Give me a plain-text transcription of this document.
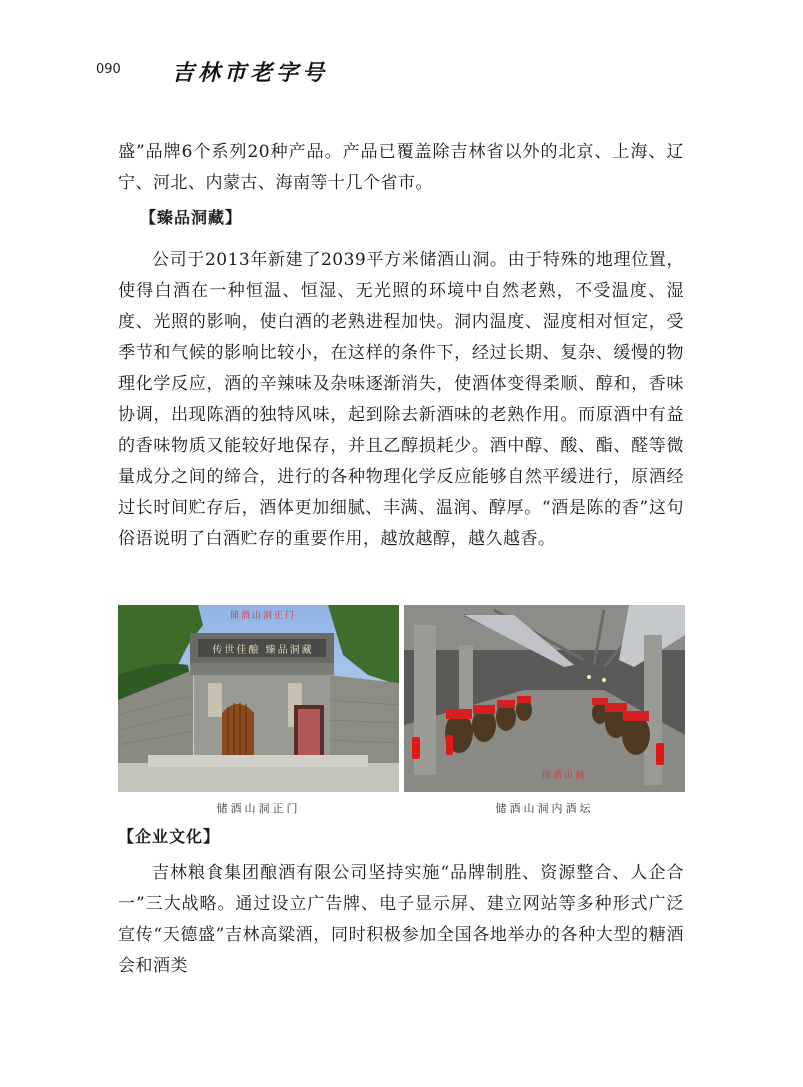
090 吉林市老字号
盛”品牌6个系列20种产品。产品已覆盖除吉林省以外的北京、上海、辽宁、河北、内蒙古、海南等十几个省市。
【臻品洞藏】
公司于2013年新建了2039平方米储酒山洞。由于特殊的地理位置，使得白酒在一种恒温、恒湿、无光照的环境中自然老熟，不受温度、湿度、光照的影响，使白酒的老熟进程加快。洞内温度、湿度相对恒定，受季节和气候的影响比较小，在这样的条件下，经过长期、复杂、缓慢的物理化学反应，酒的辛辣味及杂味逐渐消失，使酒体变得柔顺、醇和，香味协调，出现陈酒的独特风味，起到除去新酒味的老熟作用。而原酒中有益的香味物质又能较好地保存，并且乙醇损耗少。酒中醇、酸、酯、醛等微量成分之间的缔合，进行的各种物理化学反应能够自然平缓进行，原酒经过长时间贮存后，酒体更加细腻、丰满、温润、醇厚。“酒是陈的香”这句俗语说明了白酒贮存的重要作用，越放越醇，越久越香。
传世佳酿 臻品洞藏
储酒山洞正门
储酒山洞
储酒山洞正门	储酒山洞内酒坛
【企业文化】
吉林粮食集团酿酒有限公司坚持实施“品牌制胜、资源整合、人企合一”三大战略。通过设立广告牌、电子显示屏、建立网站等多种形式广泛宣传“天德盛”吉林高粱酒，同时积极参加全国各地举办的各种大型的糖酒会和酒类
